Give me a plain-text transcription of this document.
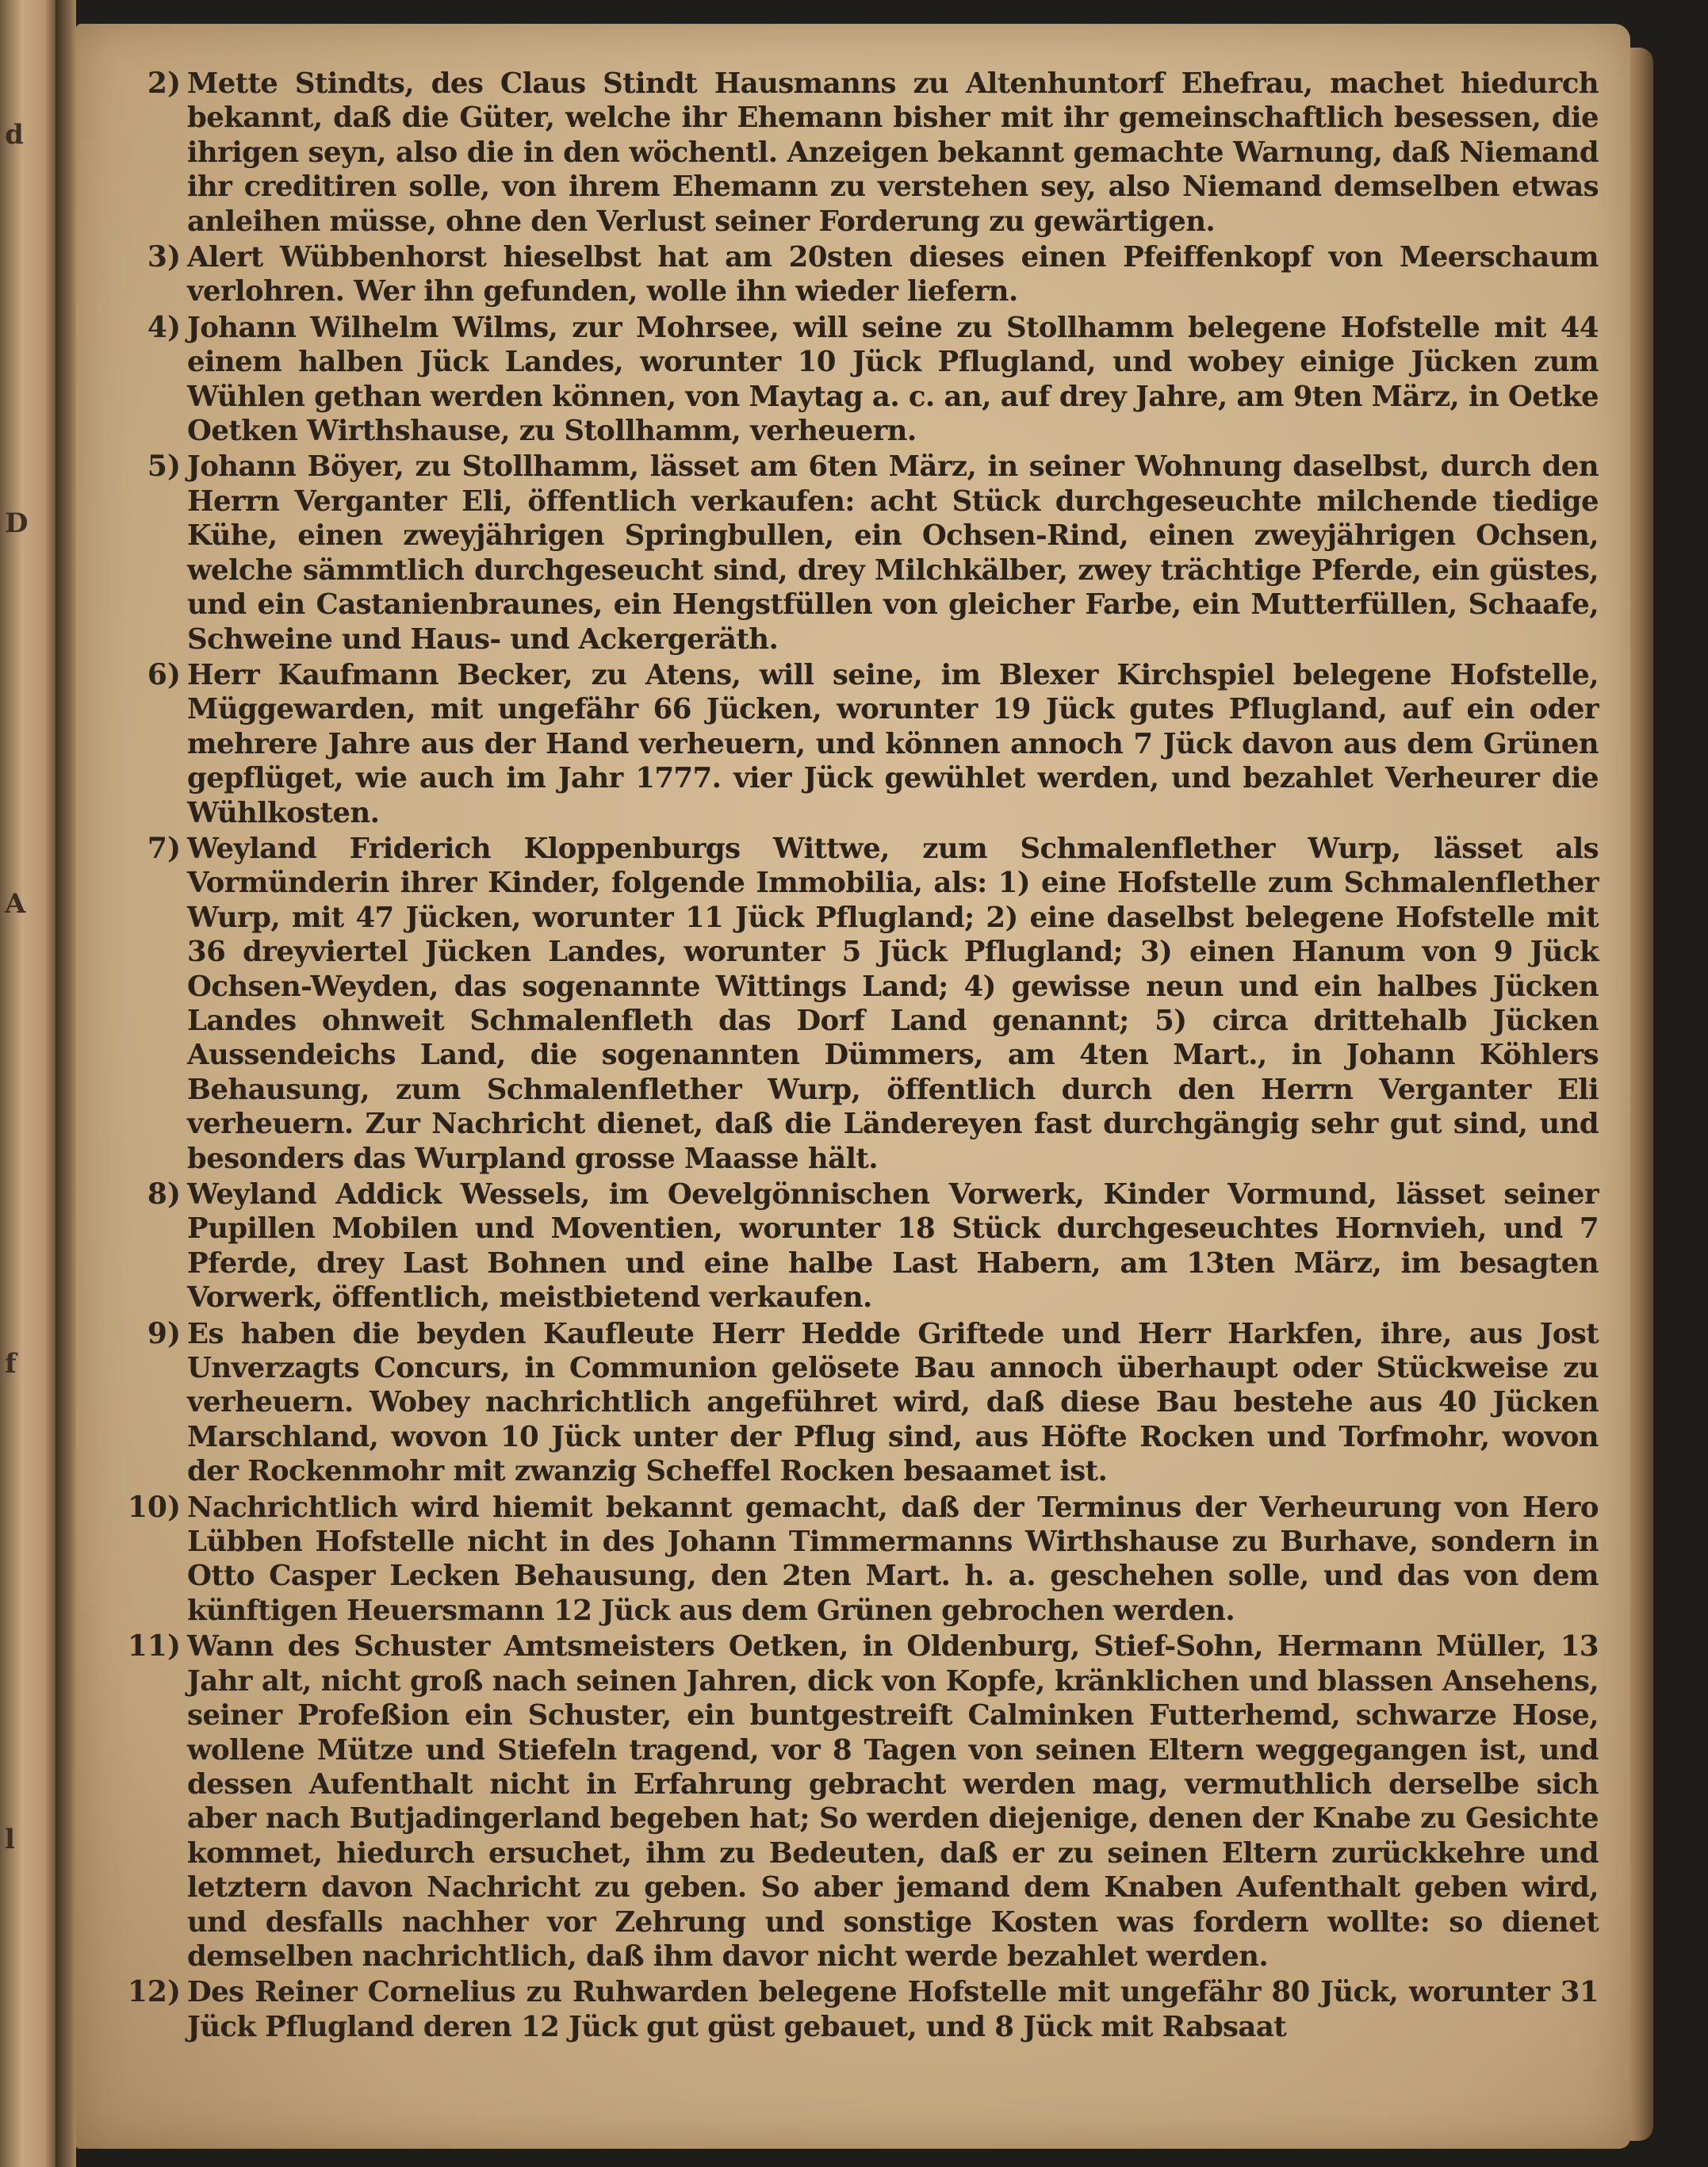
d
D
A
f
l
2) Mette Stindts, des Claus Stindt Hausmanns zu Altenhuntorf Ehefrau, machet hiedurch bekannt, daß die Güter, welche ihr Ehemann bisher mit ihr gemeinschaftlich besessen, die ihrigen seyn, also die in den wöchentl. Anzeigen bekannt gemachte Warnung, daß Niemand ihr creditiren solle, von ihrem Ehemann zu verstehen sey, also Niemand demselben etwas anleihen müsse, ohne den Verlust seiner Forderung zu gewärtigen.
3) Alert Wübbenhorst hieselbst hat am 20sten dieses einen Pfeiffenkopf von Meerschaum verlohren. Wer ihn gefunden, wolle ihn wieder liefern.
4) Johann Wilhelm Wilms, zur Mohrsee, will seine zu Stollhamm belegene Hofstelle mit 44 einem halben Jück Landes, worunter 10 Jück Pflugland, und wobey einige Jücken zum Wühlen gethan werden können, von Maytag a. c. an, auf drey Jahre, am 9ten März, in Oetke Oetken Wirthshause, zu Stollhamm, verheuern.
5) Johann Böyer, zu Stollhamm, lässet am 6ten März, in seiner Wohnung daselbst, durch den Herrn Verganter Eli, öffentlich verkaufen: acht Stück durchgeseuchte milchende tiedige Kühe, einen zweyjährigen Springbullen, ein Ochsen-Rind, einen zweyjährigen Ochsen, welche sämmtlich durchgeseucht sind, drey Milchkälber, zwey trächtige Pferde, ein güstes, und ein Castanienbraunes, ein Hengstfüllen von gleicher Farbe, ein Mutterfüllen, Schaafe, Schweine und Haus- und Ackergeräth.
6) Herr Kaufmann Becker, zu Atens, will seine, im Blexer Kirchspiel belegene Hofstelle, Müggewarden, mit ungefähr 66 Jücken, worunter 19 Jück gutes Pflugland, auf ein oder mehrere Jahre aus der Hand verheuern, und können annoch 7 Jück davon aus dem Grünen gepflüget, wie auch im Jahr 1777. vier Jück gewühlet werden, und bezahlet Verheurer die Wühlkosten.
7) Weyland Friderich Kloppenburgs Wittwe, zum Schmalenflether Wurp, lässet als Vormünderin ihrer Kinder, folgende Immobilia, als: 1) eine Hofstelle zum Schmalenflether Wurp, mit 47 Jücken, worunter 11 Jück Pflugland; 2) eine daselbst belegene Hofstelle mit 36 dreyviertel Jücken Landes, worunter 5 Jück Pflugland; 3) einen Hanum von 9 Jück Ochsen-Weyden, das sogenannte Wittings Land; 4) gewisse neun und ein halbes Jücken Landes ohnweit Schmalenfleth das Dorf Land genannt; 5) circa drittehalb Jücken Aussendeichs Land, die sogenannten Dümmers, am 4ten Mart., in Johann Köhlers Behausung, zum Schmalenflether Wurp, öffentlich durch den Herrn Verganter Eli verheuern. Zur Nachricht dienet, daß die Ländereyen fast durchgängig sehr gut sind, und besonders das Wurpland grosse Maasse hält.
8) Weyland Addick Wessels, im Oevelgönnischen Vorwerk, Kinder Vormund, lässet seiner Pupillen Mobilen und Moventien, worunter 18 Stück durchgeseuchtes Hornvieh, und 7 Pferde, drey Last Bohnen und eine halbe Last Habern, am 13ten März, im besagten Vorwerk, öffentlich, meistbietend verkaufen.
9) Es haben die beyden Kaufleute Herr Hedde Griftede und Herr Harkfen, ihre, aus Jost Unverzagts Concurs, in Communion gelösete Bau annoch überhaupt oder Stückweise zu verheuern. Wobey nachrichtlich angeführet wird, daß diese Bau bestehe aus 40 Jücken Marschland, wovon 10 Jück unter der Pflug sind, aus Höfte Rocken und Torfmohr, wovon der Rockenmohr mit zwanzig Scheffel Rocken besaamet ist.
10) Nachrichtlich wird hiemit bekannt gemacht, daß der Terminus der Verheurung von Hero Lübben Hofstelle nicht in des Johann Timmermanns Wirthshause zu Burhave, sondern in Otto Casper Lecken Behausung, den 2ten Mart. h. a. geschehen solle, und das von dem künftigen Heuersmann 12 Jück aus dem Grünen gebrochen werden.
11) Wann des Schuster Amtsmeisters Oetken, in Oldenburg, Stief-Sohn, Hermann Müller, 13 Jahr alt, nicht groß nach seinen Jahren, dick von Kopfe, kränklichen und blassen Ansehens, seiner Profeßion ein Schuster, ein buntgestreift Calminken Futterhemd, schwarze Hose, wollene Mütze und Stiefeln tragend, vor 8 Tagen von seinen Eltern weggegangen ist, und dessen Aufenthalt nicht in Erfahrung gebracht werden mag, vermuthlich derselbe sich aber nach Butjadingerland begeben hat; So werden diejenige, denen der Knabe zu Gesichte kommet, hiedurch ersuchet, ihm zu Bedeuten, daß er zu seinen Eltern zurückkehre und letztern davon Nachricht zu geben. So aber jemand dem Knaben Aufenthalt geben wird, und desfalls nachher vor Zehrung und sonstige Kosten was fordern wollte: so dienet demselben nachrichtlich, daß ihm davor nicht werde bezahlet werden.
12) Des Reiner Cornelius zu Ruhwarden belegene Hofstelle mit ungefähr 80 Jück, worunter 31 Jück Pflugland deren 12 Jück gut güst gebauet, und 8 Jück mit Rabsaat
